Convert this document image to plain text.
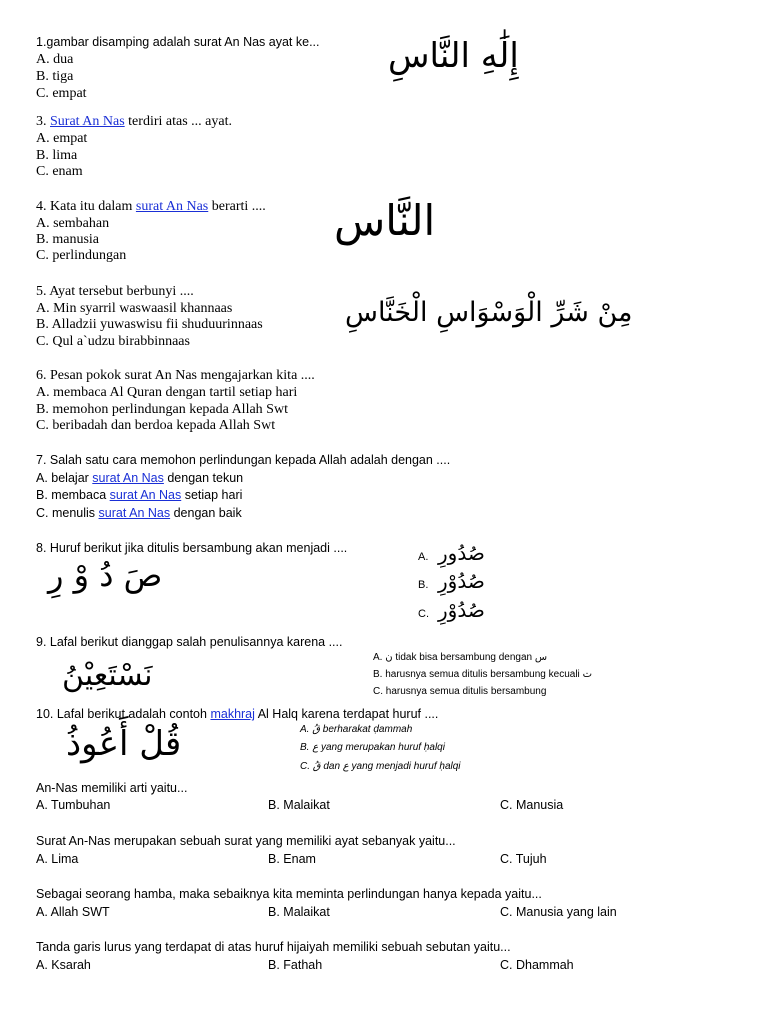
1.gambar disamping adalah surat An Nas ayat ke...
A. dua
B. tiga
C. empat
إِلَٰهِ النَّاسِ
3. Surat An Nas terdiri atas ... ayat.
A. empat
B. lima
C. enam
4. Kata itu dalam surat An Nas berarti ....
A. sembahan
B. manusia
C. perlindungan
النَّاس
5. Ayat tersebut berbunyi ....
A. Min syarril waswaasil khannaas
B. Alladzii yuwaswisu fii shuduurinnaas
C. Qul a`udzu birabbinnaas
مِنْ شَرِّ الْوَسْوَاسِ الْخَنَّاسِ
6. Pesan pokok surat An Nas mengajarkan kita ....
A. membaca Al Quran dengan tartil setiap hari
B. memohon perlindungan kepada Allah Swt
C. beribadah dan berdoa kepada Allah Swt
7. Salah satu cara memohon perlindungan kepada Allah adalah dengan ....
A. belajar surat An Nas dengan tekun
B. membaca surat An Nas setiap hari
C. menulis surat An Nas dengan baik
8. Huruf berikut jika ditulis bersambung akan menjadi ....
صَ دُ وْ رِ	A. صُدُورِ
B. صُدُوْرِ
C. صُدُوْرِ
9. Lafal berikut dianggap salah penulisannya karena ....
نَسْتَعِيْنُ
A. ن tidak bisa bersambung dengan س
B. harusnya semua ditulis bersambung kecuali ت
C. harusnya semua ditulis bersambung
10. Lafal berikut adalah contoh makhraj Al Halq karena terdapat huruf ....
قُلْ أَعُوذُ	A. قُ berharakat ḍammah
B. ع yang merupakan huruf ḥalqi
C. قُ dan ع yang menjadi huruf ḥalqi
An-Nas memiliki arti yaitu...
A. Tumbuhan	B. Malaikat	C. Manusia
Surat An-Nas merupakan sebuah surat yang memiliki ayat sebanyak yaitu...
A. Lima	B. Enam	C. Tujuh
Sebagai seorang hamba, maka sebaiknya kita meminta perlindungan hanya kepada yaitu...
A. Allah SWT	B. Malaikat	C. Manusia yang lain
Tanda garis lurus yang terdapat di atas huruf hijaiyah memiliki sebuah sebutan yaitu...
A. Ksarah	B. Fathah	C. Dhammah
